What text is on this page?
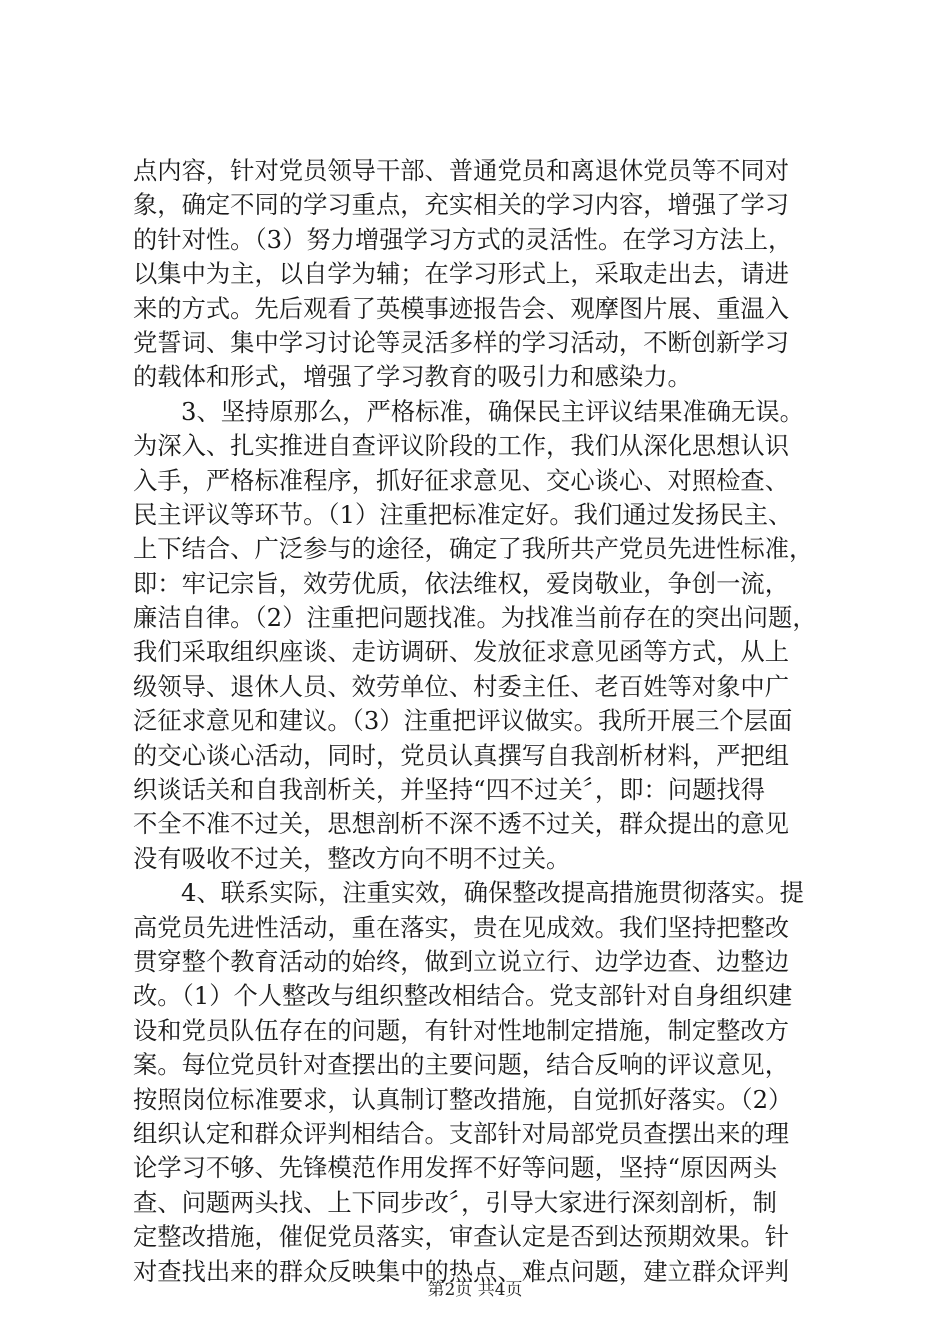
点内容，针对党员领导干部、普通党员和离退休党员等不同对
象，确定不同的学习重点，充实相关的学习内容，增强了学习
的针对性。（3）努力增强学习方式的灵活性。在学习方法上，
以集中为主，以自学为辅；在学习形式上，采取走出去，请进
来的方式。先后观看了英模事迹报告会、观摩图片展、重温入
党誓词、集中学习讨论等灵活多样的学习活动，不断创新学习
的载体和形式，增强了学习教育的吸引力和感染力。
3、坚持原那么，严格标准，确保民主评议结果准确无误。
为深入、扎实推进自查评议阶段的工作，我们从深化思想认识
入手，严格标准程序，抓好征求意见、交心谈心、对照检查、
民主评议等环节。（1）注重把标准定好。我们通过发扬民主、
上下结合、广泛参与的途径，确定了我所共产党员先进性标准，
即：牢记宗旨，效劳优质，依法维权，爱岗敬业，争创一流，
廉洁自律。（2）注重把问题找准。为找准当前存在的突出问题，
我们采取组织座谈、走访调研、发放征求意见函等方式，从上
级领导、退休人员、效劳单位、村委主任、老百姓等对象中广
泛征求意见和建议。（3）注重把评议做实。我所开展三个层面
的交心谈心活动，同时，党员认真撰写自我剖析材料，严把组
织谈话关和自我剖析关，并坚持“四不过关〞，即：问题找得
不全不准不过关，思想剖析不深不透不过关，群众提出的意见
没有吸收不过关，整改方向不明不过关。
4、联系实际，注重实效，确保整改提高措施贯彻落实。提
高党员先进性活动，重在落实，贵在见成效。我们坚持把整改
贯穿整个教育活动的始终，做到立说立行、边学边查、边整边
改。（1）个人整改与组织整改相结合。党支部针对自身组织建
设和党员队伍存在的问题，有针对性地制定措施，制定整改方
案。每位党员针对查摆出的主要问题，结合反响的评议意见，
按照岗位标准要求，认真制订整改措施，自觉抓好落实。（2）
组织认定和群众评判相结合。支部针对局部党员查摆出来的理
论学习不够、先锋模范作用发挥不好等问题，坚持“原因两头
查、问题两头找、上下同步改〞，引导大家进行深刻剖析，制
定整改措施，催促党员落实，审查认定是否到达预期效果。针
对查找出来的群众反映集中的热点、难点问题，建立群众评判
第2页 共4页
